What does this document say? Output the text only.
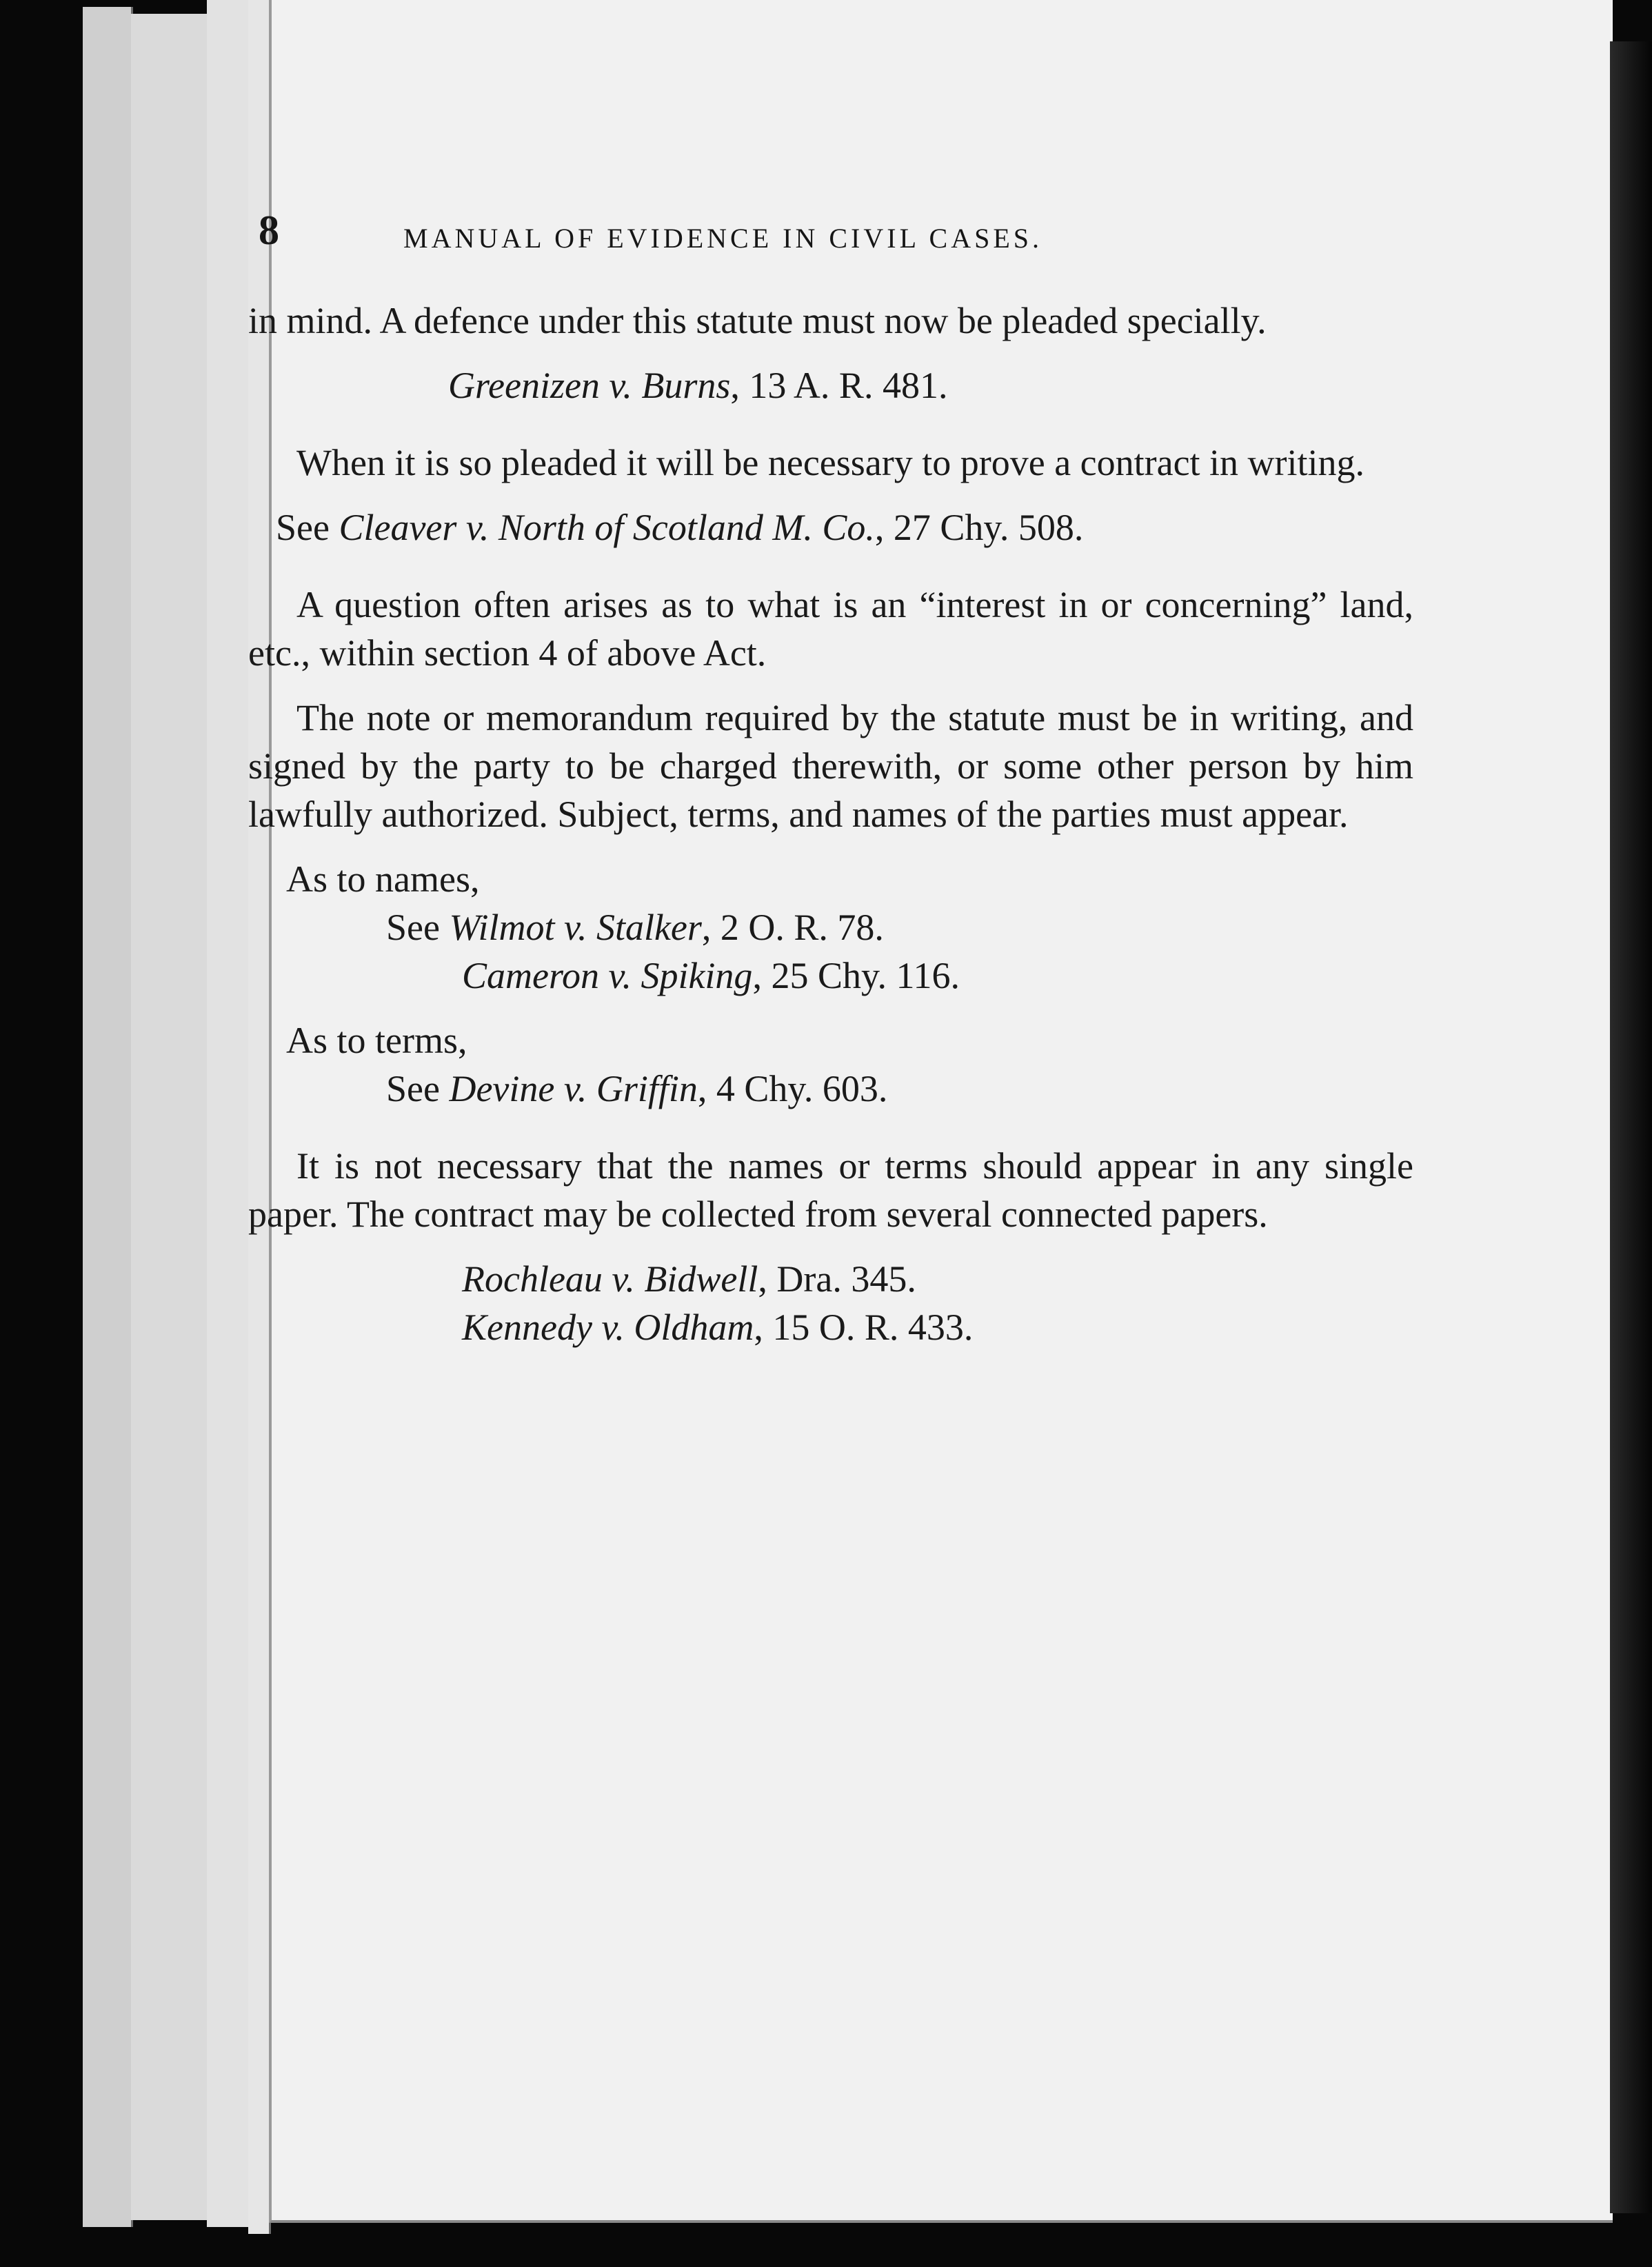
8	MANUAL OF EVIDENCE IN CIVIL CASES.

in mind. A defence under this statute must now be pleaded specially.

Greenizen v. Burns, 13 A. R. 481.

When it is so pleaded it will be necessary to prove a contract in writing.

See Cleaver v. North of Scotland M. Co., 27 Chy. 508.

A question often arises as to what is an “interest in or concerning” land, etc., within section 4 of above Act.

The note or memorandum required by the statute must be in writing, and signed by the party to be charged therewith, or some other person by him lawfully authorized. Subject, terms, and names of the parties must appear.

As to names,

See Wilmot v. Stalker, 2 O. R. 78.

Cameron v. Spiking, 25 Chy. 116.

As to terms,

See Devine v. Griffin, 4 Chy. 603.

It is not necessary that the names or terms should appear in any single paper. The contract may be collected from several connected papers.

Rochleau v. Bidwell, Dra. 345.

Kennedy v. Oldham, 15 O. R. 433.
